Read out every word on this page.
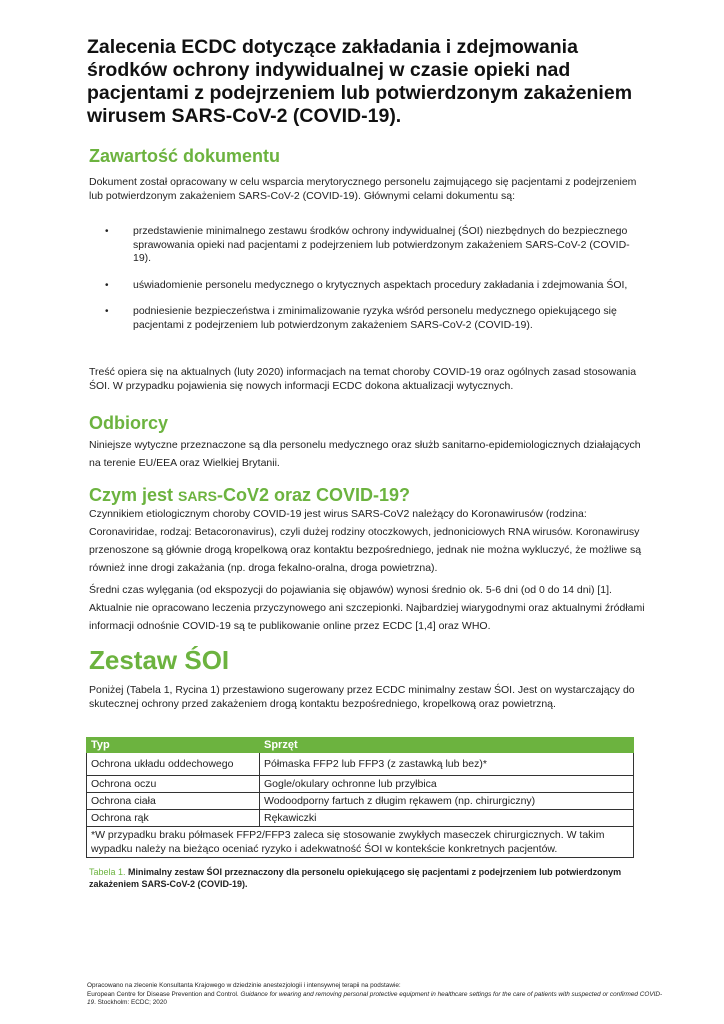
Zalecenia ECDC dotyczące zakładania i zdejmowania środków ochrony indywidualnej w czasie opieki nad pacjentami z podejrzeniem lub potwierdzonym zakażeniem wirusem SARS-CoV-2 (COVID-19).
Zawartość dokumentu

Dokument został opracowany w celu wsparcia merytorycznego personelu zajmującego się pacjentami z podejrzeniem lub potwierdzonym zakażeniem SARS-CoV-2 (COVID-19). Głównymi celami dokumentu są:

• przedstawienie minimalnego zestawu środków ochrony indywidualnej (ŚOI) niezbędnych do bezpiecznego sprawowania opieki nad pacjentami z podejrzeniem lub potwierdzonym zakażeniem SARS-CoV-2 (COVID-19).
• uświadomienie personelu medycznego o krytycznych aspektach procedury zakładania i zdejmowania ŚOI,
• podniesienie bezpieczeństwa i zminimalizowanie ryzyka wśród personelu medycznego opiekującego się pacjentami z podejrzeniem lub potwierdzonym zakażeniem SARS-CoV-2 (COVID-19).

Treść opiera się na aktualnych (luty 2020) informacjach na temat choroby COVID-19 oraz ogólnych zasad stosowania ŚOI. W przypadku pojawienia się nowych informacji ECDC dokona aktualizacji wytycznych.

Odbiorcy

Niniejsze wytyczne przeznaczone są dla personelu medycznego oraz służb sanitarno-epidemiologicznych działających na terenie EU/EEA oraz Wielkiej Brytanii.

Czym jest SARS-CoV2 oraz COVID-19?

Czynnikiem etiologicznym choroby COVID-19 jest wirus SARS-CoV2 należący do Koronawirusów (rodzina: Coronaviridae, rodzaj: Betacoronavirus), czyli dużej rodziny otoczkowych, jednoniciowych RNA wirusów. Koronawirusy przenoszone są głównie drogą kropelkową oraz kontaktu bezpośredniego, jednak nie można wykluczyć, że możliwe są również inne drogi zakażania (np. droga fekalno-oralna, droga powietrzna).

Średni czas wylęgania (od ekspozycji do pojawiania się objawów) wynosi średnio ok. 5-6 dni (od 0 do 14 dni) [1]. Aktualnie nie opracowano leczenia przyczynowego ani szczepionki. Najbardziej wiarygodnymi oraz aktualnymi źródłami informacji odnośnie COVID-19 są te publikowanie online przez ECDC [1,4] oraz WHO.

Zestaw ŚOI

Poniżej (Tabela 1, Rycina 1) przestawiono sugerowany przez ECDC minimalny zestaw ŚOI. Jest on wystarczający do skutecznej ochrony przed zakażeniem drogą kontaktu bezpośredniego, kropelkową oraz powietrzną.

Typ	Sprzęt
Ochrona układu oddechowego	Półmaska FFP2 lub FFP3 (z zastawką lub bez)*
Ochrona oczu	Gogle/okulary ochronne lub przyłbica
Ochrona ciała	Wodoodporny fartuch z długim rękawem (np. chirurgiczny)
Ochrona rąk	Rękawiczki
*W przypadku braku półmasek FFP2/FFP3 zaleca się stosowanie zwykłych maseczek chirurgicznych. W takim wypadku należy na bieżąco oceniać ryzyko i adekwatność ŚOI w kontekście konkretnych pacjentów.	

Tabela 1. Minimalny zestaw ŚOI przeznaczony dla personelu opiekującego się pacjentami z podejrzeniem lub potwierdzonym zakażeniem SARS-CoV-2 (COVID-19).

Opracowano na zlecenie Konsultanta Krajowego w dziedzinie anestezjologii i intensywnej terapii na podstawie:
European Centre for Disease Prevention and Control. Guidance for wearing and removing personal protective equipment in healthcare settings for the care of patients with suspected or confirmed COVID-19. Stockholm: ECDC; 2020
